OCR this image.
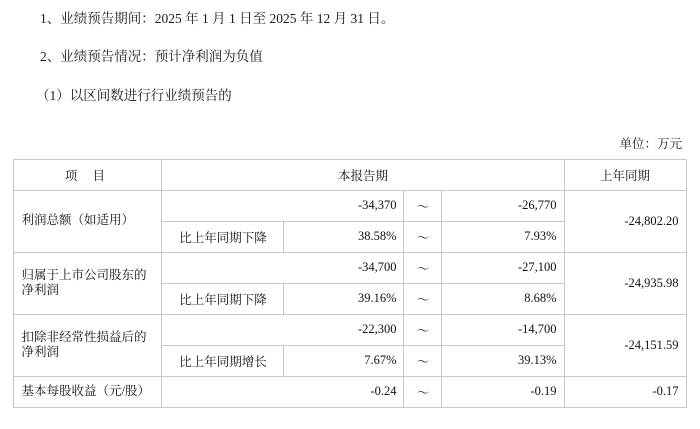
1、业绩预告期间：2025 年 1 月 1 日至 2025 年 12 月 31 日。
2、业绩预告情况：预计净利润为负值
（1）以区间数进行行业绩预告的
单位：万元
项 目	本报告期				上年同期
利润总额（如适用）	-34,370		～	-26,770	-24,802.20
	比上年同期下降	38.58%	～	7.93%	
归属于上市公司股东的净利润	-34,700		～	-27,100	-24,935.98
	比上年同期下降	39.16%	～	8.68%	
扣除非经常性损益后的净利润	-22,300		～	-14,700	-24,151.59
	比上年同期增长	7.67%	～	39.13%	
基本每股收益（元/股）	-0.24		～	-0.19	-0.17
